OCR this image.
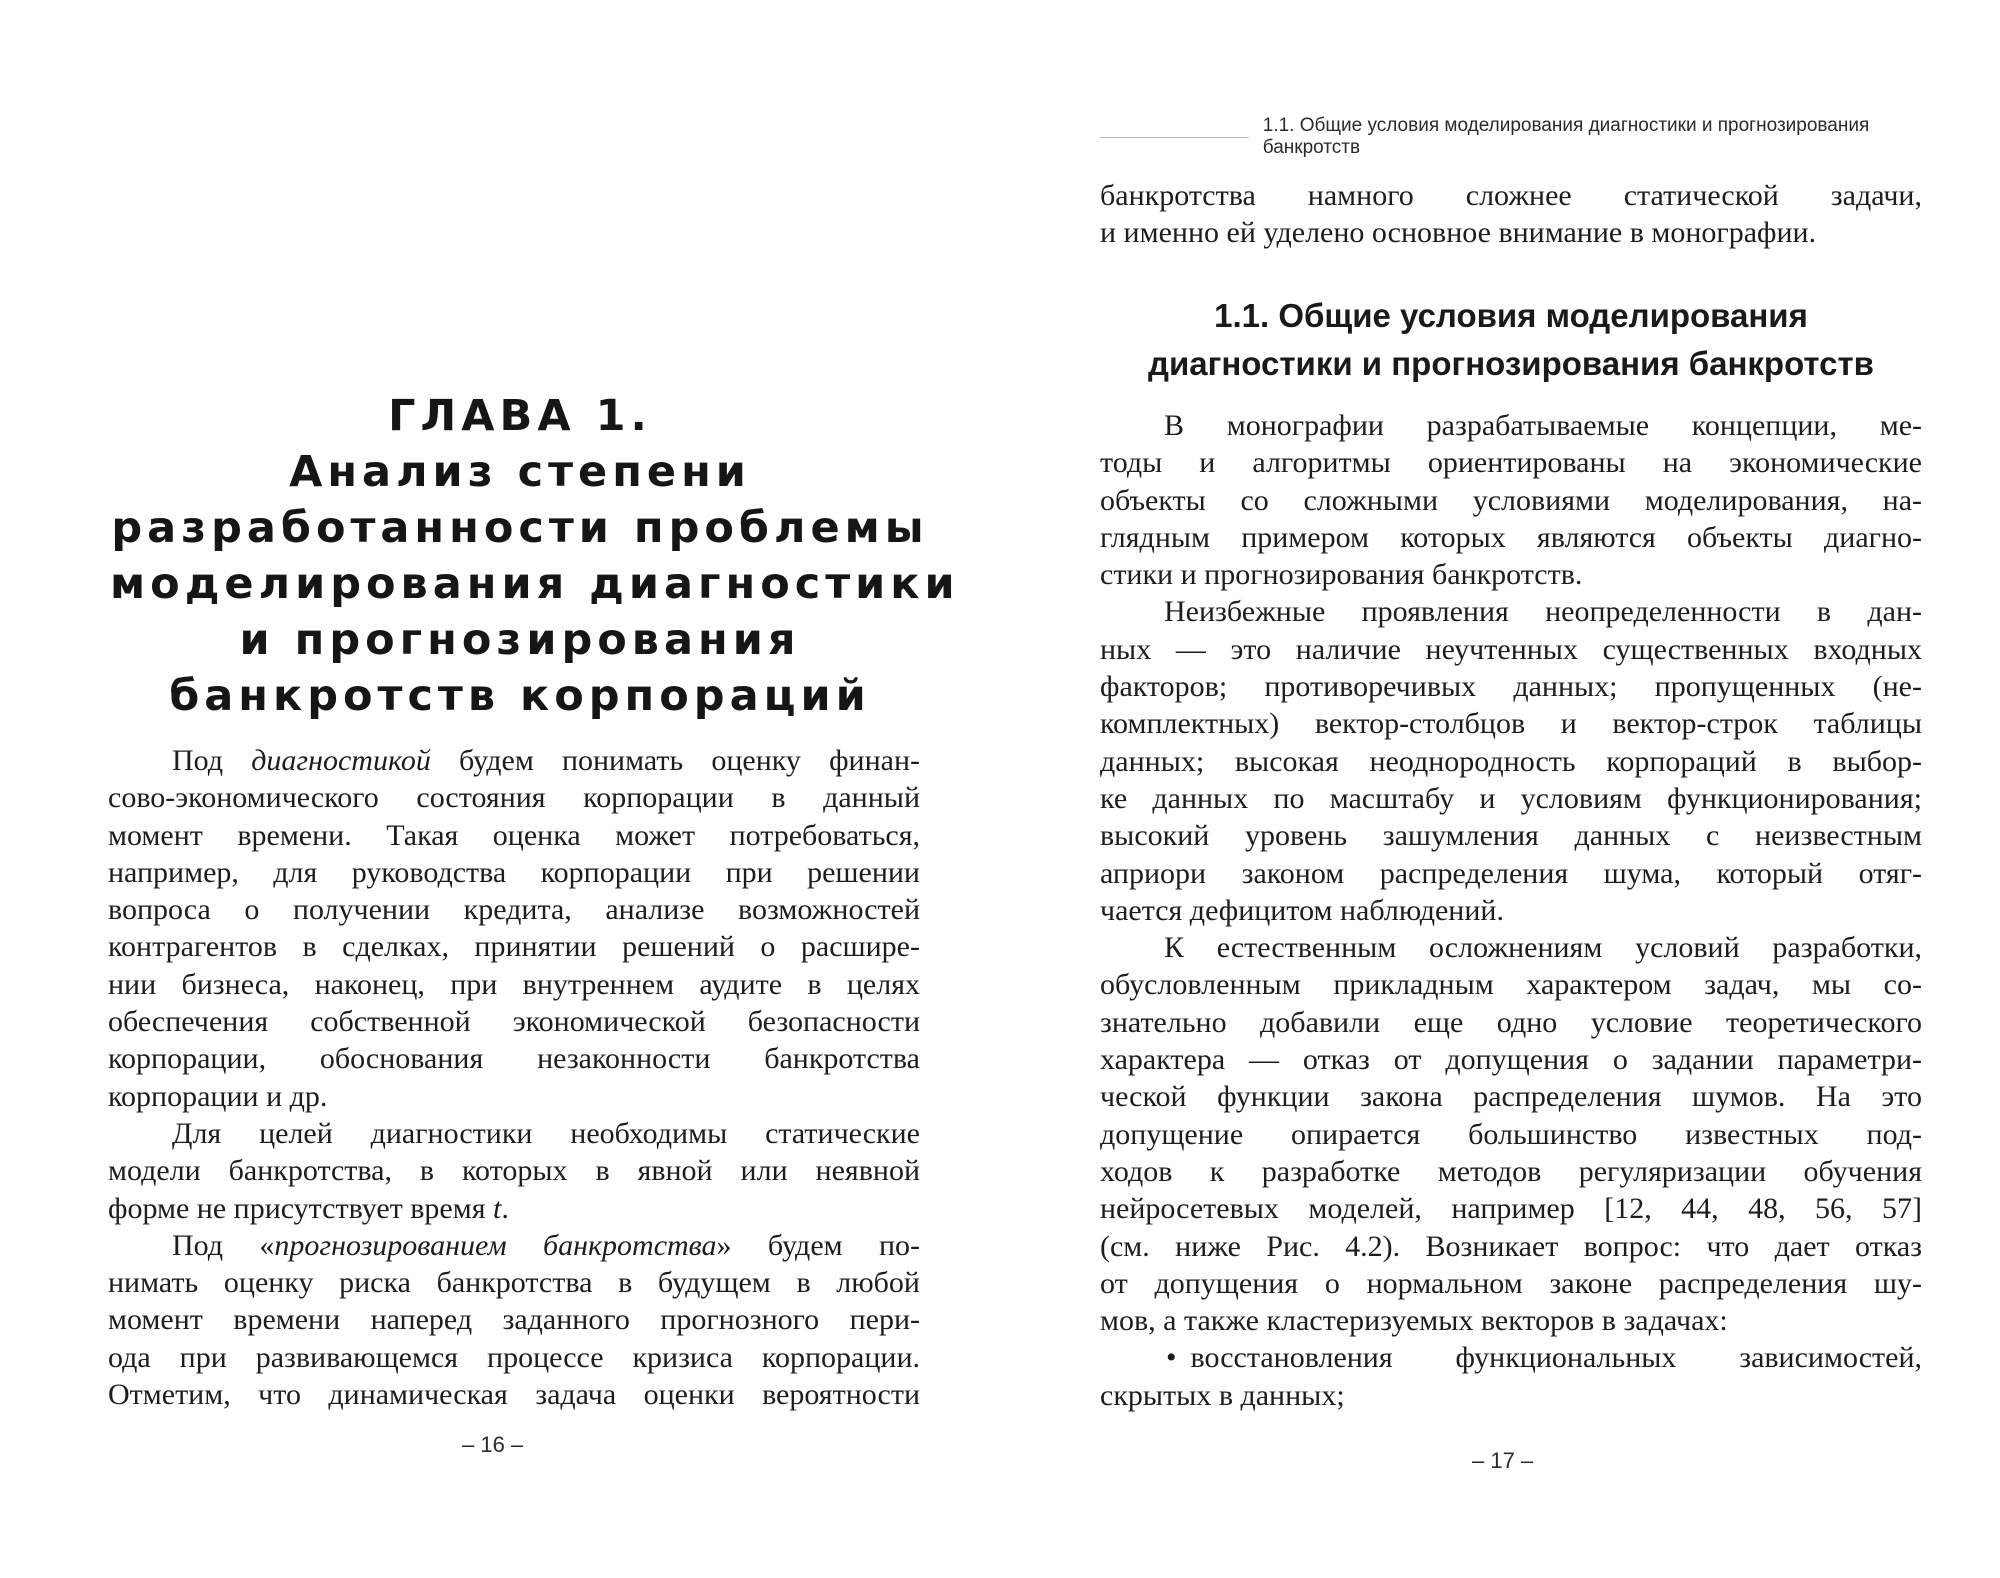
ГЛАВА 1.
Анализ степени
разработанности проблемы
моделирования диагностики
и прогнозирования
банкротств корпораций
Под диагностикой будем понимать оценку финан-
сово-экономического состояния корпорации в данный
момент времени. Такая оценка может потребоваться,
например, для руководства корпорации при решении
вопроса о получении кредита, анализе возможностей
контрагентов в сделках, принятии решений о расшире-
нии бизнеса, наконец, при внутреннем аудите в целях
обеспечения собственной экономической безопасности
корпорации, обоснования незаконности банкротства
корпорации и др.
Для целей диагностики необходимы статические
модели банкротства, в которых в явной или неявной
форме не присутствует время t.
Под «прогнозированием банкротства» будем по-
нимать оценку риска банкротства в будущем в любой
момент времени наперед заданного прогнозного пери-
ода при развивающемся процессе кризиса корпорации.
Отметим, что динамическая задача оценки вероятности
– 16 –
1.1. Общие условия моделирования диагностики и прогнозирования банкротств
банкротства намного сложнее статической задачи,
и именно ей уделено основное внимание в монографии.
1.1. Общие условия моделирования
диагностики и прогнозирования банкротств
В монографии разрабатываемые концепции, ме-
тоды и алгоритмы ориентированы на экономические
объекты со сложными условиями моделирования, на-
глядным примером которых являются объекты диагно-
стики и прогнозирования банкротств.
Неизбежные проявления неопределенности в дан-
ных — это наличие неучтенных существенных входных
факторов; противоречивых данных; пропущенных (не-
комплектных) вектор-столбцов и вектор-строк таблицы
данных; высокая неоднородность корпораций в выбор-
ке данных по масштабу и условиям функционирования;
высокий уровень зашумления данных с неизвестным
априори законом распределения шума, который отяг-
чается дефицитом наблюдений.
К естественным осложнениям условий разработки,
обусловленным прикладным характером задач, мы со-
знательно добавили еще одно условие теоретического
характера — отказ от допущения о задании параметри-
ческой функции закона распределения шумов. На это
допущение опирается большинство известных под-
ходов к разработке методов регуляризации обучения
нейросетевых моделей, например [12, 44, 48, 56, 57]
(см. ниже Рис. 4.2). Возникает вопрос: что дает отказ
от допущения о нормальном законе распределения шу-
мов, а также кластеризуемых векторов в задачах:
• восстановления функциональных зависимостей,
скрытых в данных;
– 17 –
